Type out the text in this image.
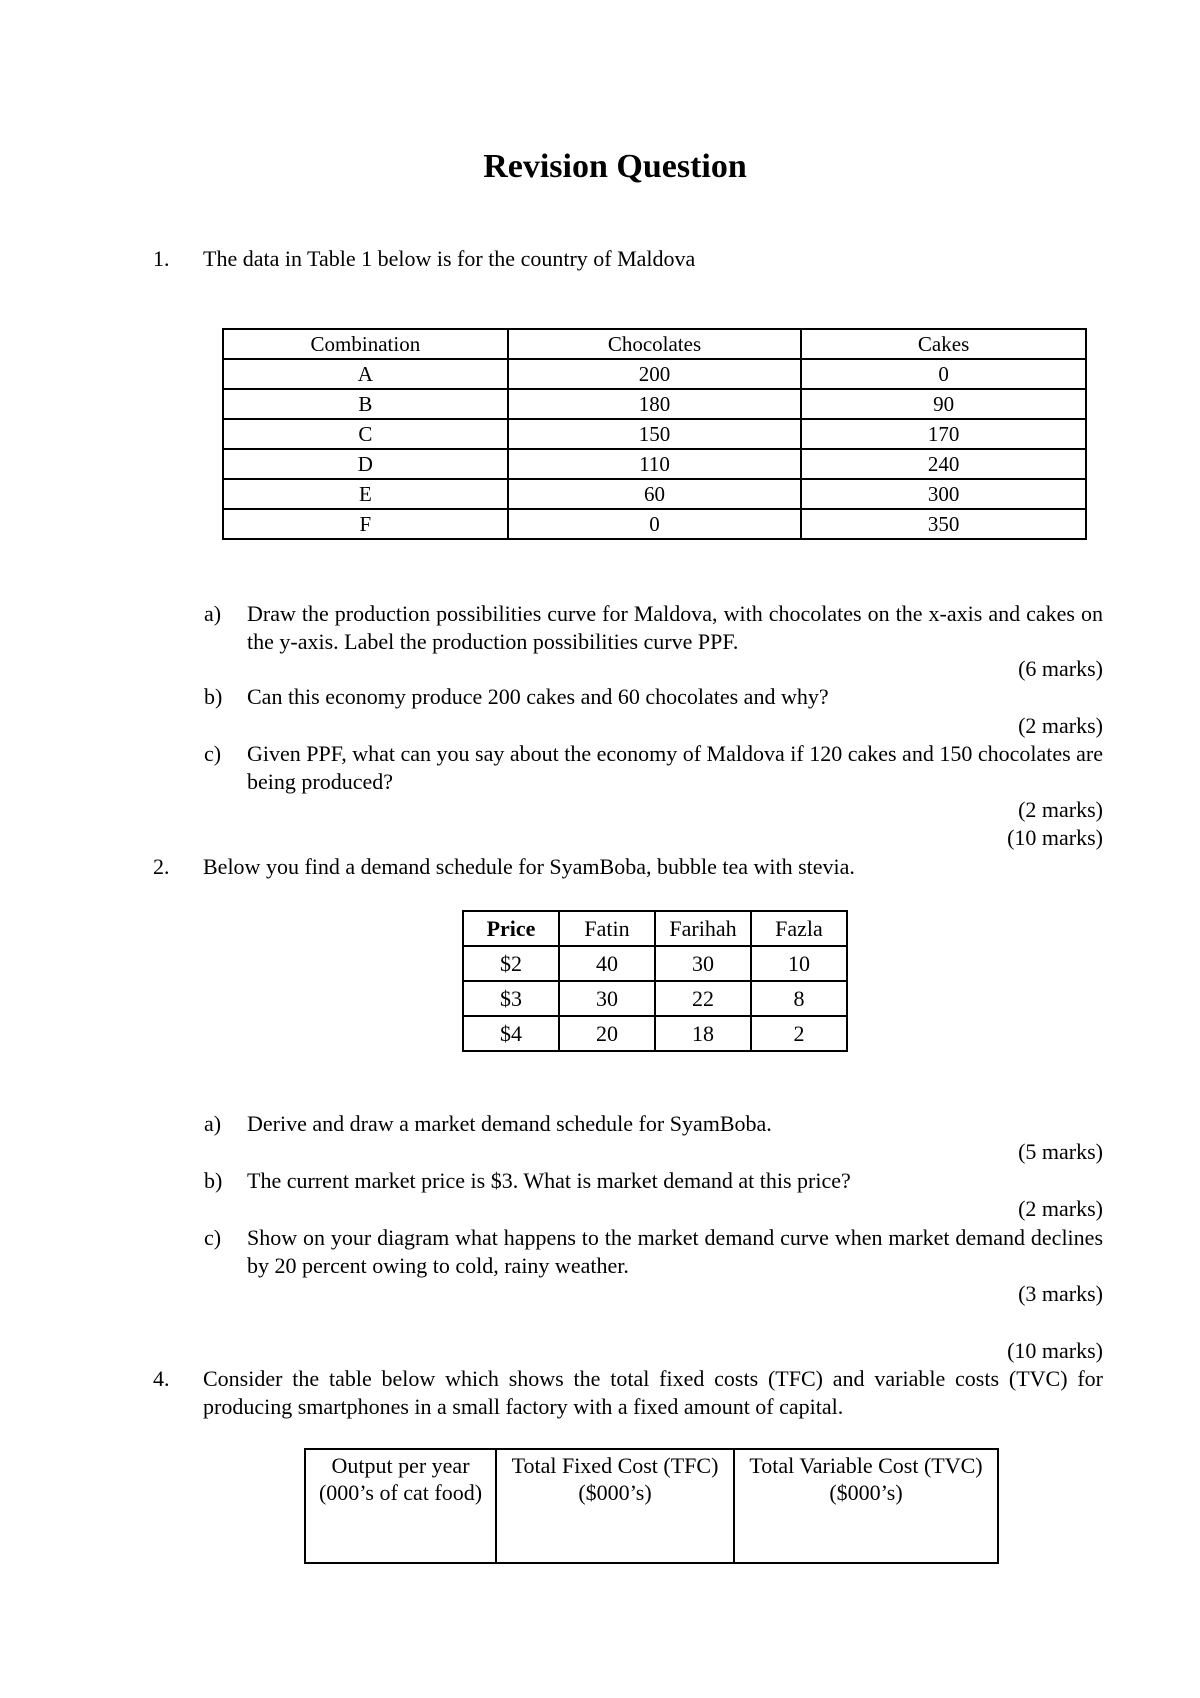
Revision Question
1. The data in Table 1 below is for the country of Maldova
Combination	Chocolates	Cakes
A	200	0
B	180	90
C	150	170
D	110	240
E	60	300
F	0	350
a) Draw the production possibilities curve for Maldova, with chocolates on the x-axis and cakes on the y-axis. Label the production possibilities curve PPF.
(6 marks)
b) Can this economy produce 200 cakes and 60 chocolates and why?
(2 marks)
c) Given PPF, what can you say about the economy of Maldova if 120 cakes and 150 chocolates are being produced?
(2 marks)
(10 marks)
2. Below you find a demand schedule for SyamBoba, bubble tea with stevia.
Price	Fatin	Farihah	Fazla
$2	40	30	10
$3	30	22	8
$4	20	18	2
a) Derive and draw a market demand schedule for SyamBoba.
(5 marks)
b) The current market price is $3. What is market demand at this price?
(2 marks)
c) Show on your diagram what happens to the market demand curve when market demand declines by 20 percent owing to cold, rainy weather.
(3 marks)
(10 marks)
4. Consider the table below which shows the total fixed costs (TFC) and variable costs (TVC) for producing smartphones in a small factory with a fixed amount of capital.
Output per year (000’s of cat food)	Total Fixed Cost (TFC) ($000’s)	Total Variable Cost (TVC) ($000’s)
